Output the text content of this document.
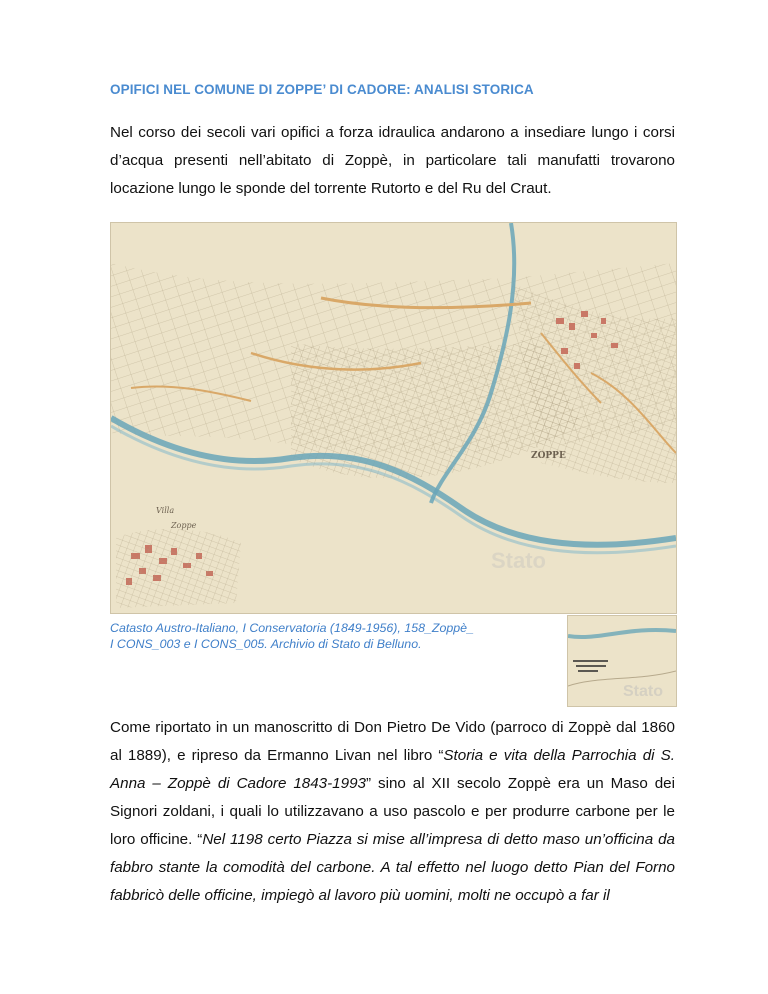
OPIFICI NEL COMUNE DI ZOPPE’ DI CADORE: ANALISI STORICA

Nel corso dei secoli vari opifici a forza idraulica andarono a insediare lungo i corsi d’acqua presenti nell’abitato di Zoppè, in particolare tali manufatti trovarono locazione lungo le sponde del torrente Rutorto e del Ru del Craut.

ZOPPE
Villa
Zoppe
Stato
Stato
Catasto Austro-Italiano, I Conservatoria (1849-1956), 158_Zoppè_
I CONS_003 e I CONS_005. Archivio di Stato di Belluno.

Come riportato in un manoscritto di Don Pietro De Vido (parroco di Zoppè dal 1860 al 1889), e ripreso da Ermanno Livan nel libro “Storia e vita della Parrochia di S. Anna – Zoppè di Cadore 1843-1993” sino al XII secolo Zoppè era un Maso dei Signori zoldani, i quali lo utilizzavano a uso pascolo e per produrre carbone per le loro officine. “Nel 1198 certo Piazza si mise all’impresa di detto maso un’officina da fabbro stante la comodità del carbone. A tal effetto nel luogo detto Pian del Forno fabbricò delle officine, impiegò al lavoro più uomini, molti ne occupò a far il
